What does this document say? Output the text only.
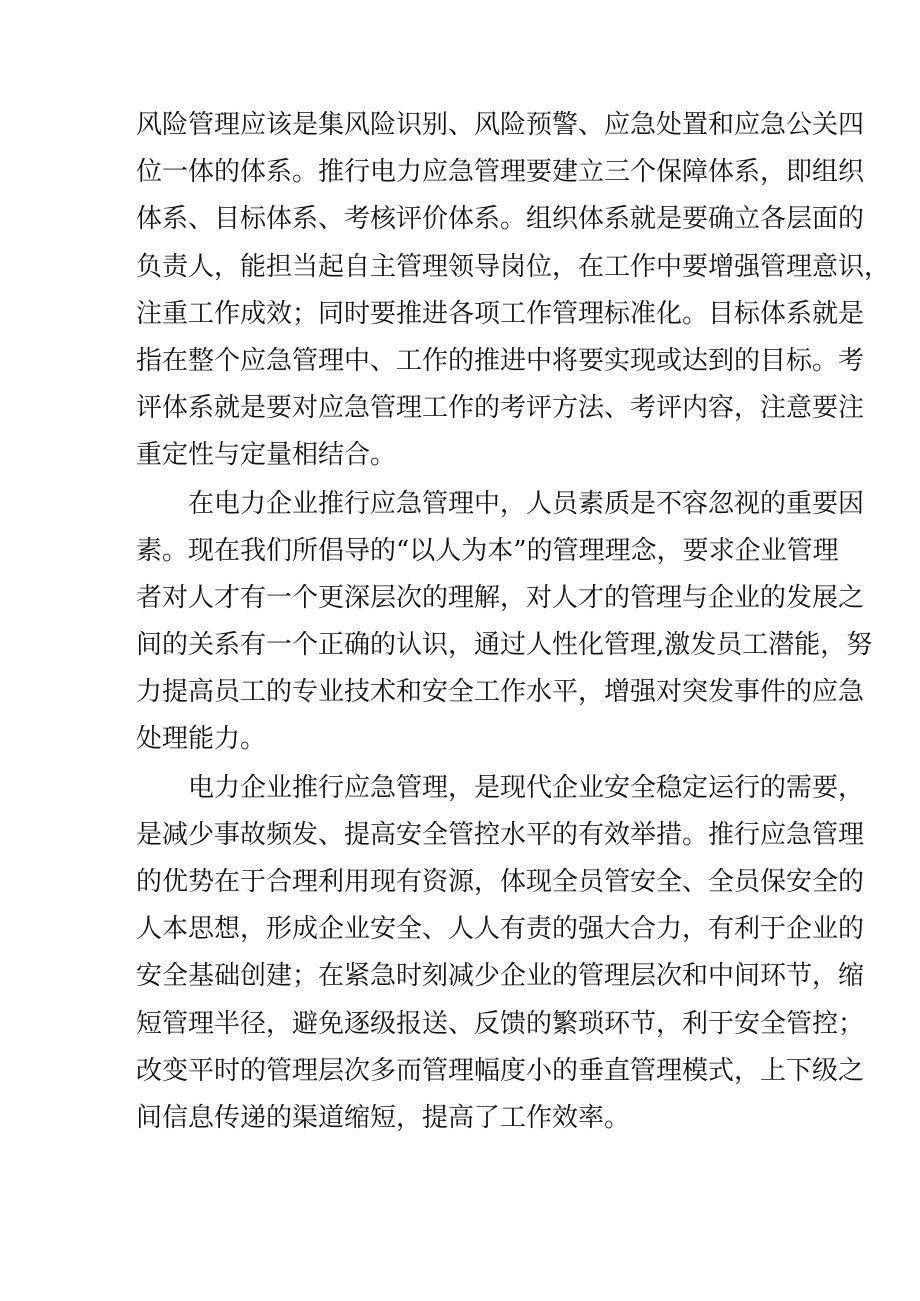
风险管理应该是集风险识别、风险预警、应急处置和应急公关四
位一体的体系。推行电力应急管理要建立三个保障体系，即组织
体系、目标体系、考核评价体系。组织体系就是要确立各层面的
负责人，能担当起自主管理领导岗位，在工作中要增强管理意识，
注重工作成效；同时要推进各项工作管理标准化。目标体系就是
指在整个应急管理中、工作的推进中将要实现或达到的目标。考
评体系就是要对应急管理工作的考评方法、考评内容，注意要注
重定性与定量相结合。
在电力企业推行应急管理中，人员素质是不容忽视的重要因
素。现在我们所倡导的“以人为本”的管理理念，要求企业管理
者对人才有一个更深层次的理解，对人才的管理与企业的发展之
间的关系有一个正确的认识，通过人性化管理,激发员工潜能，努
力提高员工的专业技术和安全工作水平，增强对突发事件的应急
处理能力。
电力企业推行应急管理，是现代企业安全稳定运行的需要，
是减少事故频发、提高安全管控水平的有效举措。推行应急管理
的优势在于合理利用现有资源，体现全员管安全、全员保安全的
人本思想，形成企业安全、人人有责的强大合力，有利于企业的
安全基础创建；在紧急时刻减少企业的管理层次和中间环节，缩
短管理半径，避免逐级报送、反馈的繁琐环节，利于安全管控；
改变平时的管理层次多而管理幅度小的垂直管理模式，上下级之
间信息传递的渠道缩短，提高了工作效率。
